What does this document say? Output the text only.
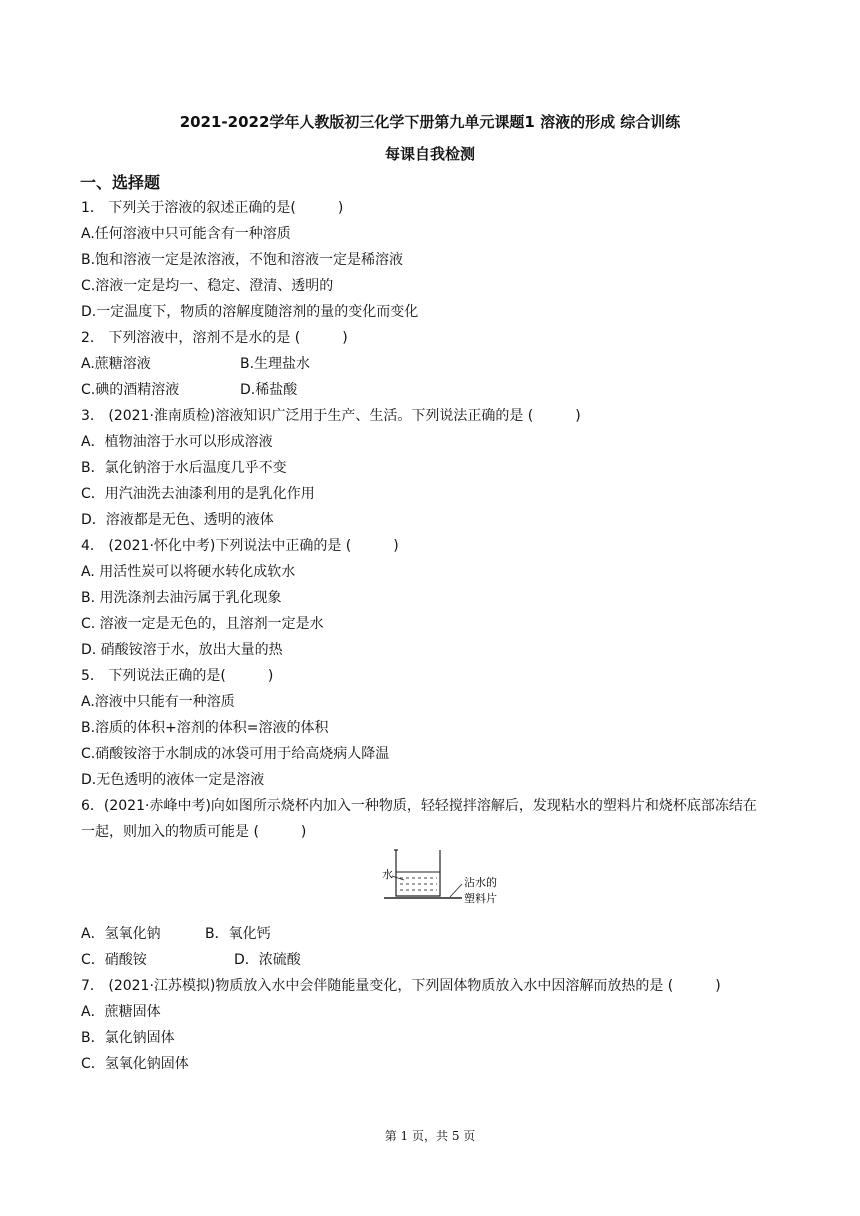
2021-2022学年人教版初三化学下册第九单元课题1 溶液的形成 综合训练
每课自我检测
一、选择题
1． 下列关于溶液的叙述正确的是(　　　)
A.任何溶液中只可能含有一种溶质
B.饱和溶液一定是浓溶液，不饱和溶液一定是稀溶液
C.溶液一定是均一、稳定、澄清、透明的
D.一定温度下，物质的溶解度随溶剂的量的变化而变化
2． 下列溶液中，溶剂不是水的是 (　　　)
A.蔗糖溶液	B.生理盐水
C.碘的酒精溶液	D.稀盐酸
3． (2021·淮南质检)溶液知识广泛用于生产、生活。下列说法正确的是 (　　　)
A．植物油溶于水可以形成溶液
B．氯化钠溶于水后温度几乎不变
C．用汽油洗去油漆利用的是乳化作用
D．溶液都是无色、透明的液体
4． (2021·怀化中考)下列说法中正确的是 (　　　)
A. 用活性炭可以将硬水转化成软水
B. 用洗涤剂去油污属于乳化现象
C. 溶液一定是无色的，且溶剂一定是水
D. 硝酸铵溶于水，放出大量的热
5． 下列说法正确的是(　　　)
A.溶液中只能有一种溶质
B.溶质的体积+溶剂的体积=溶液的体积
C.硝酸铵溶于水制成的冰袋可用于给高烧病人降温
D.无色透明的液体一定是溶液
6．(2021·赤峰中考)向如图所示烧杯内加入一种物质，轻轻搅拌溶解后，发现粘水的塑料片和烧杯底部冻结在
一起，则加入的物质可能是 (　　　)
水
沾水的
塑料片
A．氢氧化钠	B．氧化钙
C．硝酸铵	D．浓硫酸
7． (2021·江苏模拟)物质放入水中会伴随能量变化，下列固体物质放入水中因溶解而放热的是 (　　　)
A．蔗糖固体
B．氯化钠固体
C．氢氧化钠固体
第 1 页，共 5 页
